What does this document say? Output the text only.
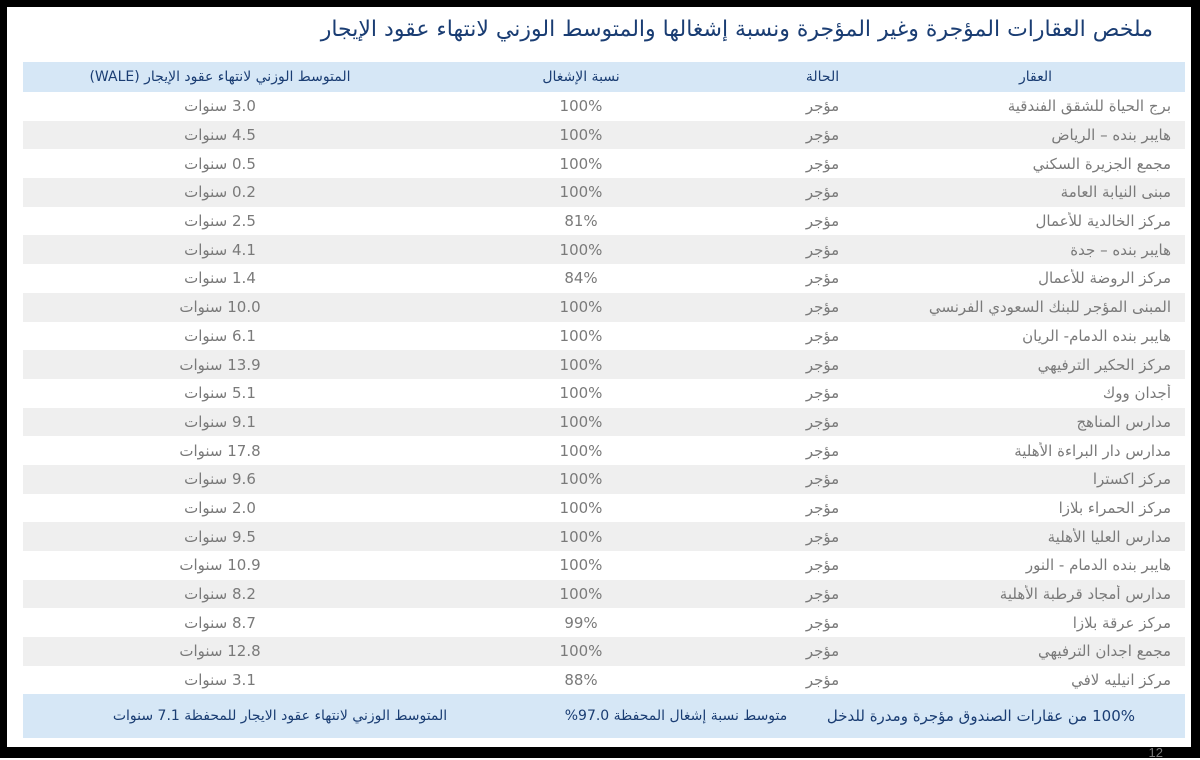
ملخص العقارات المؤجرة وغير المؤجرة ونسبة إشغالها والمتوسط الوزني لانتهاء عقود الإيجار
العقار
الحالة
نسبة الإشغال
المتوسط الوزني لانتهاء عقود الإيجار (WALE)
برج الحياة للشقق الفندقية
مؤجر
100%
3.0 سنوات
هايبر بنده – الرياض
مؤجر
100%
4.5 سنوات
مجمع الجزيرة السكني
مؤجر
100%
0.5 سنوات
مبنى النيابة العامة
مؤجر
100%
0.2 سنوات
مركز الخالدية للأعمال
مؤجر
81%
2.5 سنوات
هايبر بنده – جدة
مؤجر
100%
4.1 سنوات
مركز الروضة للأعمال
مؤجر
84%
1.4 سنوات
المبنى المؤجر للبنك السعودي الفرنسي
مؤجر
100%
10.0 سنوات
هايبر بنده الدمام- الريان
مؤجر
100%
6.1 سنوات
مركز الحكير الترفيهي
مؤجر
100%
13.9 سنوات
أجدان ووك
مؤجر
100%
5.1 سنوات
مدارس المناهج
مؤجر
100%
9.1 سنوات
مدارس دار البراءة الأهلية
مؤجر
100%
17.8 سنوات
مركز اكسترا
مؤجر
100%
9.6 سنوات
مركز الحمراء بلازا
مؤجر
100%
2.0 سنوات
مدارس العليا الأهلية
مؤجر
100%
9.5 سنوات
هايبر بنده الدمام - النور
مؤجر
100%
10.9 سنوات
مدارس أمجاد قرطبة الأهلية
مؤجر
100%
8.2 سنوات
مركز عرقة بلازا
مؤجر
99%
8.7 سنوات
مجمع اجدان الترفيهي
مؤجر
100%
12.8 سنوات
مركز انيليه لافي
مؤجر
88%
3.1 سنوات
100% من عقارات الصندوق مؤجرة ومدرة للدخل
متوسط نسبة إشغال المحفظة 97.0%
المتوسط الوزني لانتهاء عقود الايجار للمحفظة 7.1 سنوات
12
